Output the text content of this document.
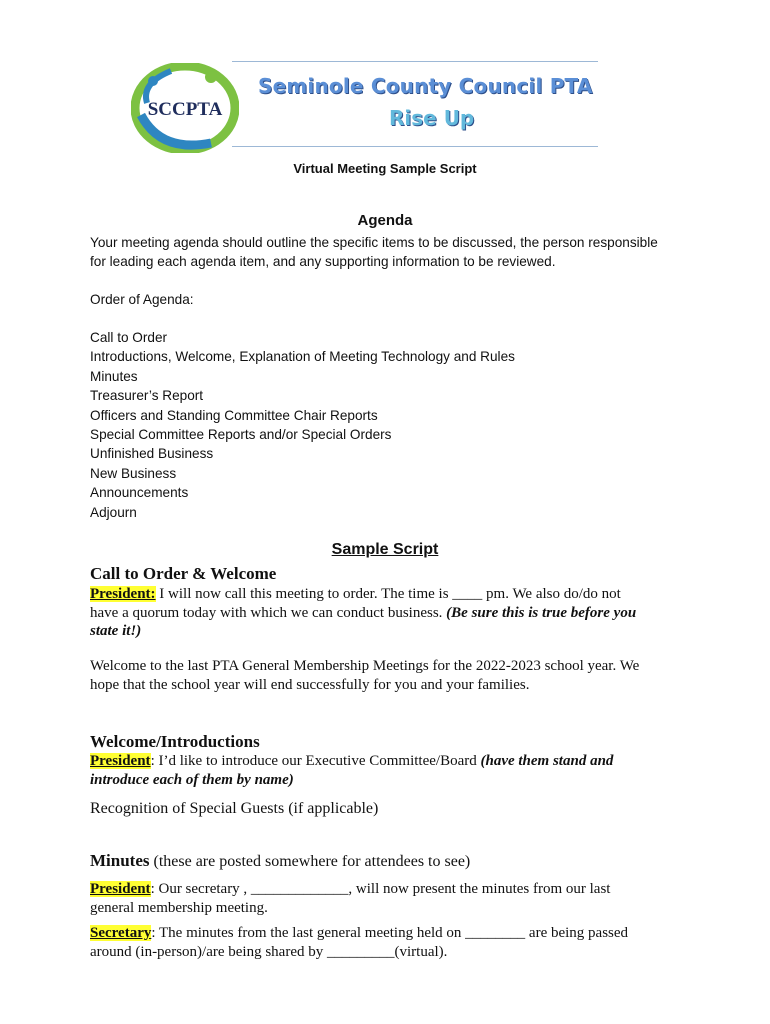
SCCPTA
Seminole County Council PTA
Rise Up
Virtual Meeting Sample Script
Agenda
Your meeting agenda should outline the specific items to be discussed, the person responsible
for leading each agenda item, and any supporting information to be reviewed.
Order of Agenda:
Call to Order
Introductions, Welcome, Explanation of Meeting Technology and Rules
Minutes
Treasurer’s Report
Officers and Standing Committee Chair Reports
Special Committee Reports and/or Special Orders
Unfinished Business
New Business
Announcements
Adjourn
Sample Script
Call to Order & Welcome
President: I will now call this meeting to order. The time is ____ pm. We also do/do not
have a quorum today with which we can conduct business. (Be sure this is true before you
state it!)
Welcome to the last PTA General Membership Meetings for the 2022-2023 school year. We
hope that the school year will end successfully for you and your families.
Welcome/Introductions
President: I’d like to introduce our Executive Committee/Board (have them stand and
introduce each of them by name)
Recognition of Special Guests (if applicable)
Minutes (these are posted somewhere for attendees to see)
President: Our secretary , _____________, will now present the minutes from our last
general membership meeting.
Secretary: The minutes from the last general meeting held on ________ are being passed
around (in-person)/are being shared by _________(virtual).
